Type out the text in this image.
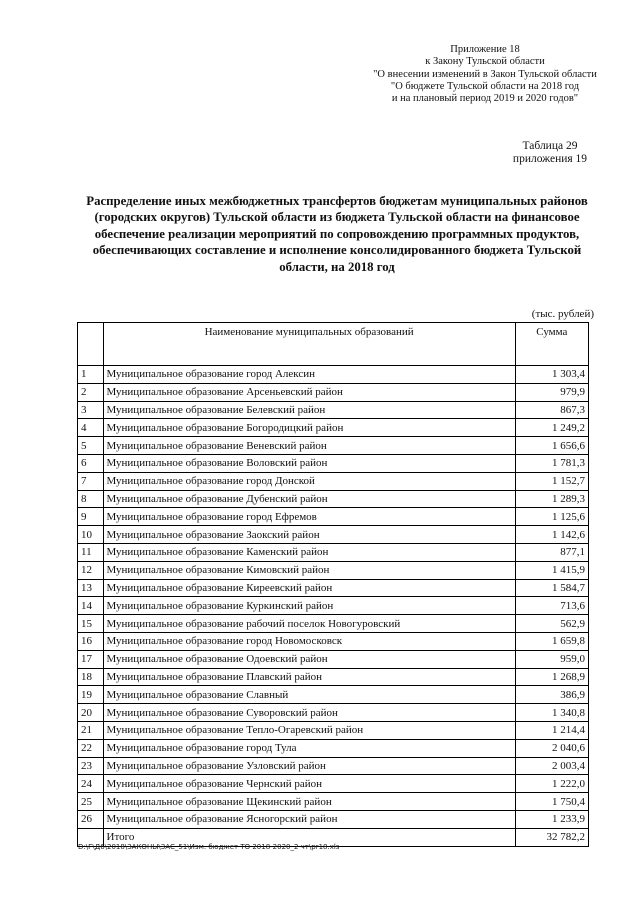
Приложение 18
к Закону Тульской области
"О внесении изменений в Закон Тульской области
"О бюджете Тульской области на 2018 год
и на плановый период 2019 и 2020 годов"
Таблица 29
приложения 19
Распределение иных межбюджетных трансфертов бюджетам муниципальных районов (городских округов) Тульской области из бюджета Тульской области на финансовое обеспечение реализации мероприятий по сопровождению программных продуктов, обеспечивающих составление и исполнение консолидированного бюджета Тульской области, на 2018 год
(тыс. рублей)
	Наименование муниципальных образований	Сумма
1	Муниципальное образование город Алексин	1 303,4
2	Муниципальное образование Арсеньевский район	979,9
3	Муниципальное образование Белевский район	867,3
4	Муниципальное образование Богородицкий район	1 249,2
5	Муниципальное образование Веневский район	1 656,6
6	Муниципальное образование Воловский район	1 781,3
7	Муниципальное образование город Донской	1 152,7
8	Муниципальное образование Дубенский район	1 289,3
9	Муниципальное образование город Ефремов	1 125,6
10	Муниципальное образование Заокский район	1 142,6
11	Муниципальное образование Каменский район	877,1
12	Муниципальное образование Кимовский район	1 415,9
13	Муниципальное образование Киреевский район	1 584,7
14	Муниципальное образование Куркинский район	713,6
15	Муниципальное образование рабочий поселок Новогуровский	562,9
16	Муниципальное образование город Новомосковск	1 659,8
17	Муниципальное образование Одоевский район	959,0
18	Муниципальное образование Плавский район	1 268,9
19	Муниципальное образование Славный	386,9
20	Муниципальное образование Суворовский район	1 340,8
21	Муниципальное образование Тепло-Огаревский район	1 214,4
22	Муниципальное образование город Тула	2 040,6
23	Муниципальное образование Узловский район	2 003,4
24	Муниципальное образование Чернский район	1 222,0
25	Муниципальное образование Щекинский район	1 750,4
26	Муниципальное образование Ясногорский район	1 233,9
	Итого	32 782,2
D:\Г\Д6\2018\ЗАКОНЫ\ЗАС_51\Изм. бюджет ТО 2018-2020_2 чт\pr18.xls
